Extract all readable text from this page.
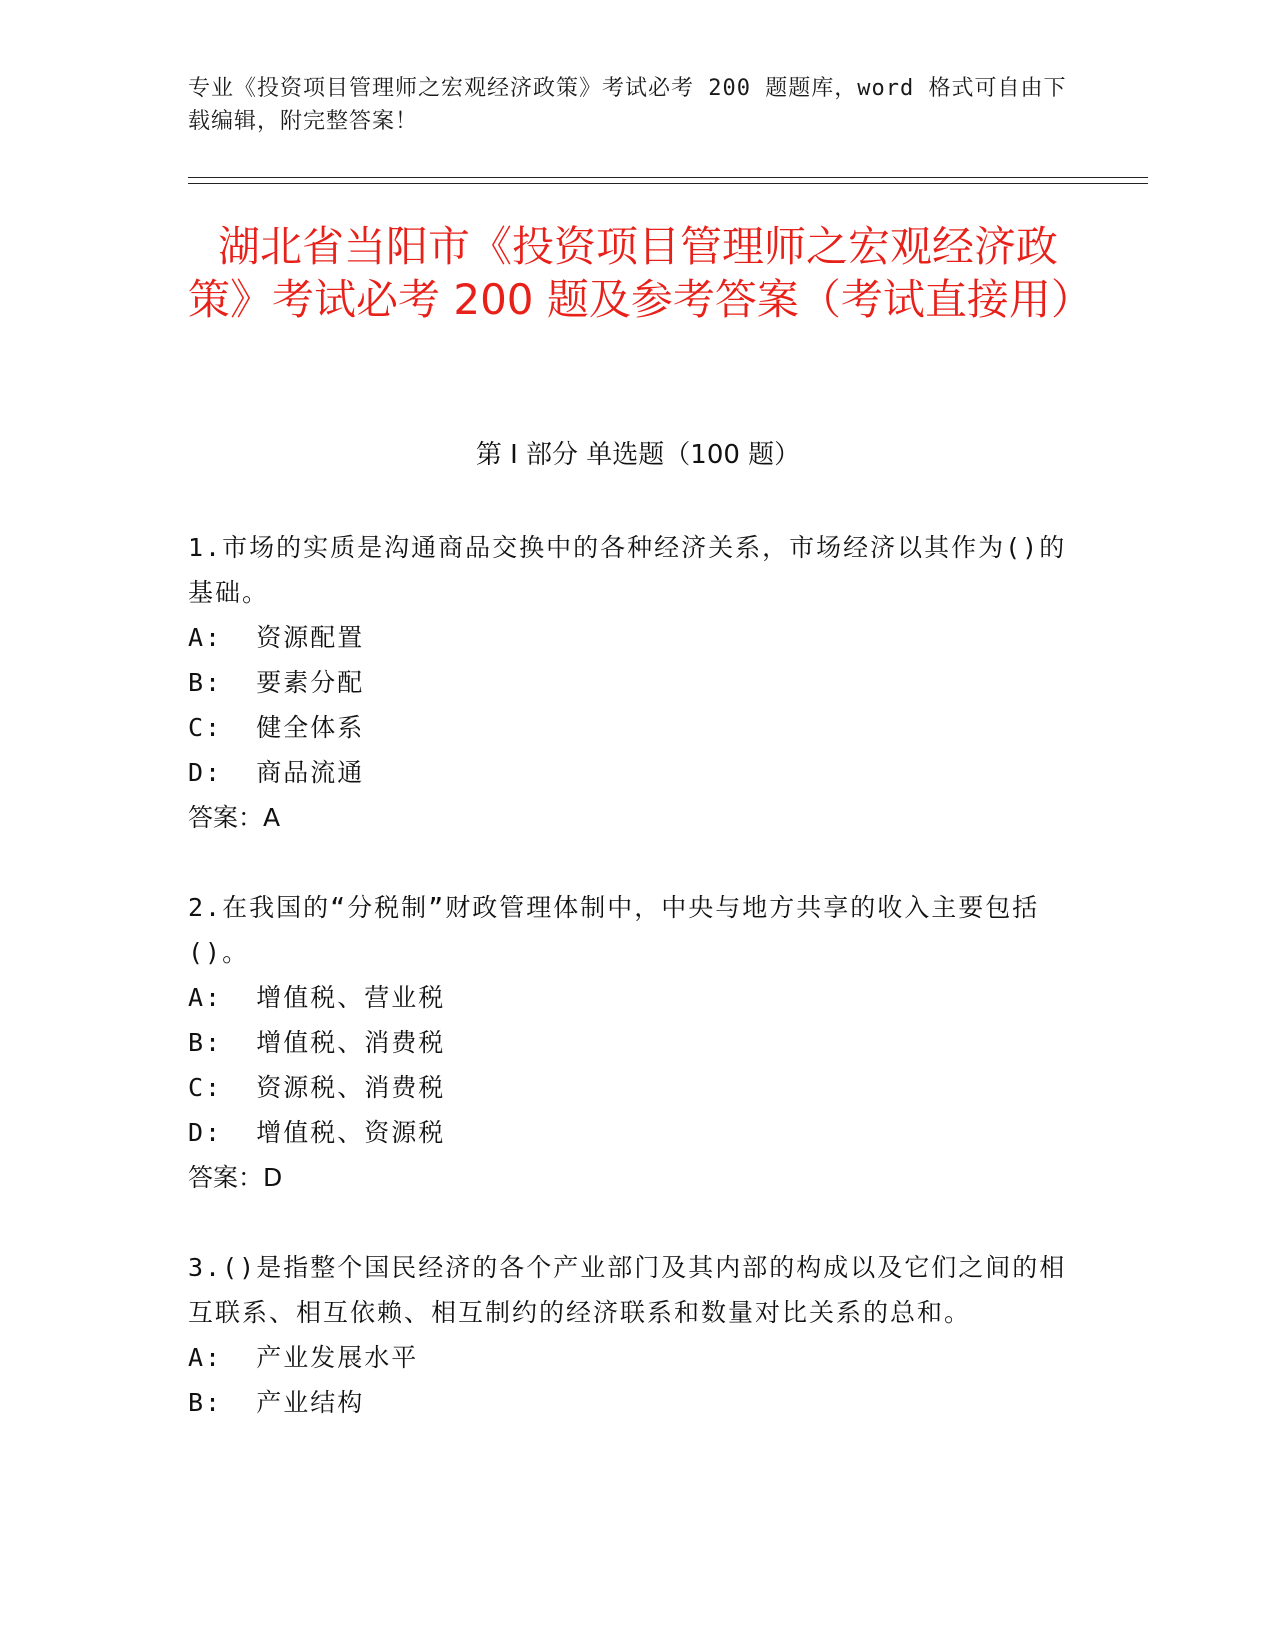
专业《投资项目管理师之宏观经济政策》考试必考 200 题题库，word 格式可自由下载编辑，附完整答案！
湖北省当阳市《投资项目管理师之宏观经济政策》考试必考 200 题及参考答案（考试直接用）
第 I 部分 单选题（100 题）

1.市场的实质是沟通商品交换中的各种经济关系，市场经济以其作为()的基础。

A:  资源配置

B:  要素分配

C:  健全体系

D:  商品流通

答案：A

2.在我国的“分税制”财政管理体制中，中央与地方共享的收入主要包括()。

A:  增值税、营业税

B:  增值税、消费税

C:  资源税、消费税

D:  增值税、资源税

答案：D

3.()是指整个国民经济的各个产业部门及其内部的构成以及它们之间的相互联系、相互依赖、相互制约的经济联系和数量对比关系的总和。

A:  产业发展水平

B:  产业结构
